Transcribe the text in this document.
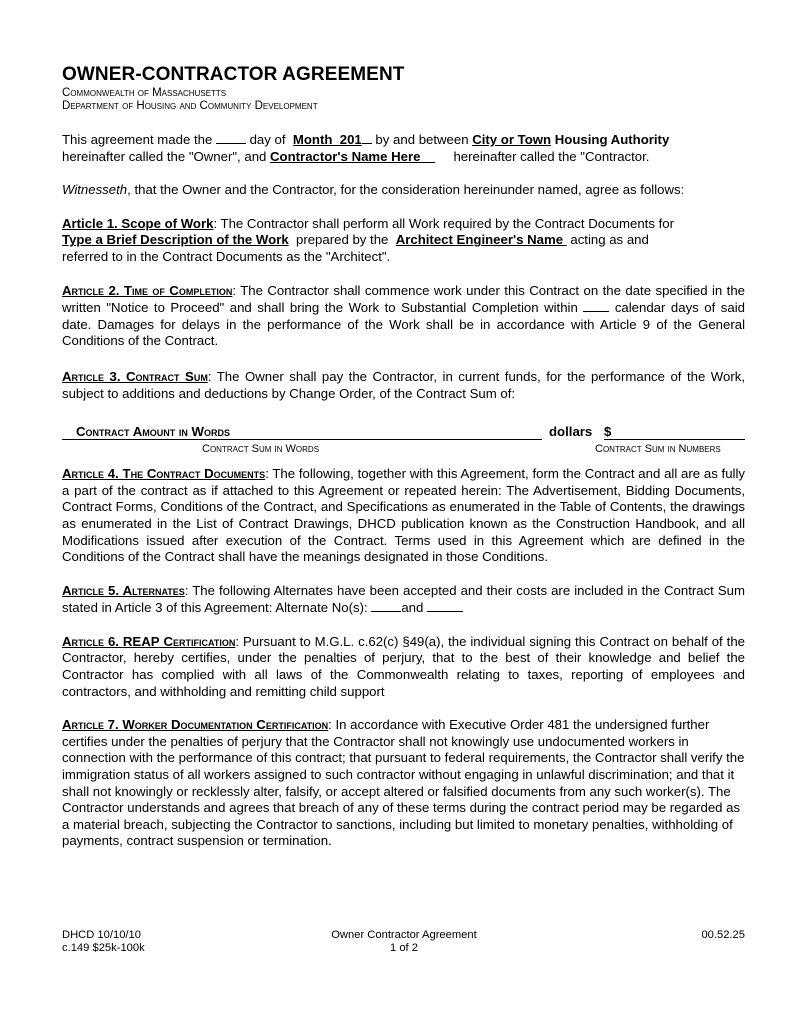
OWNER-CONTRACTOR AGREEMENT
Commonwealth of Massachusetts
Department of Housing and Community Development

This agreement made the  day of  Month  201 by and between City or Town Housing Authority
hereinafter called the "Owner", and Contractor's Name Here         hereinafter called the "Contractor.

Witnesseth, that the Owner and the Contractor, for the consideration hereinunder named, agree as follows:

Article 1. Scope of Work: The Contractor shall perform all Work required by the Contract Documents for
Type a Brief Description of the Work  prepared by the  Architect Engineer's Name  acting as and
referred to in the Contract Documents as the "Architect".

Article 2. Time of Completion: The Contractor shall commence work under this Contract on the date specified in the written "Notice to Proceed" and shall bring the Work to Substantial Completion within  calendar days of said date. Damages for delays in the performance of the Work shall be in accordance with Article 9 of the General Conditions of the Contract.

Article 3. Contract Sum: The Owner shall pay the Contractor, in current funds, for the performance of the Work, subject to additions and deductions by Change Order, of the Contract Sum of:

Contract Amount in Words	dollars $
Contract Sum in Words	Contract Sum in Numbers

Article 4. The Contract Documents: The following, together with this Agreement, form the Contract and all are as fully a part of the contract as if attached to this Agreement or repeated herein: The Advertisement, Bidding Documents, Contract Forms, Conditions of the Contract, and Specifications as enumerated in the Table of Contents, the drawings as enumerated in the List of Contract Drawings, DHCD publication known as the Construction Handbook, and all Modifications issued after execution of the Contract. Terms used in this Agreement which are defined in the Conditions of the Contract shall have the meanings designated in those Conditions.

Article 5. Alternates: The following Alternates have been accepted and their costs are included in the Contract Sum stated in Article 3 of this Agreement: Alternate No(s): and

Article 6. REAP Certification: Pursuant to M.G.L. c.62(c) §49(a), the individual signing this Contract on behalf of the Contractor, hereby certifies, under the penalties of perjury, that to the best of their knowledge and belief the Contractor has complied with all laws of the Commonwealth relating to taxes, reporting of employees and contractors, and withholding and remitting child support

Article 7. Worker Documentation Certification: In accordance with Executive Order 481 the undersigned further certifies under the penalties of perjury that the Contractor shall not knowingly use undocumented workers in connection with the performance of this contract; that pursuant to federal requirements, the Contractor shall verify the immigration status of all workers assigned to such contractor without engaging in unlawful discrimination; and that it shall not knowingly or recklessly alter, falsify, or accept altered or falsified documents from any such worker(s). The Contractor understands and agrees that breach of any of these terms during the contract period may be regarded as a material breach, subjecting the Contractor to sanctions, including but limited to monetary penalties, withholding of payments, contract suspension or termination.

DHCD 10/10/10
c.149 $25k-100k
Owner Contractor Agreement
1 of 2
00.52.25
